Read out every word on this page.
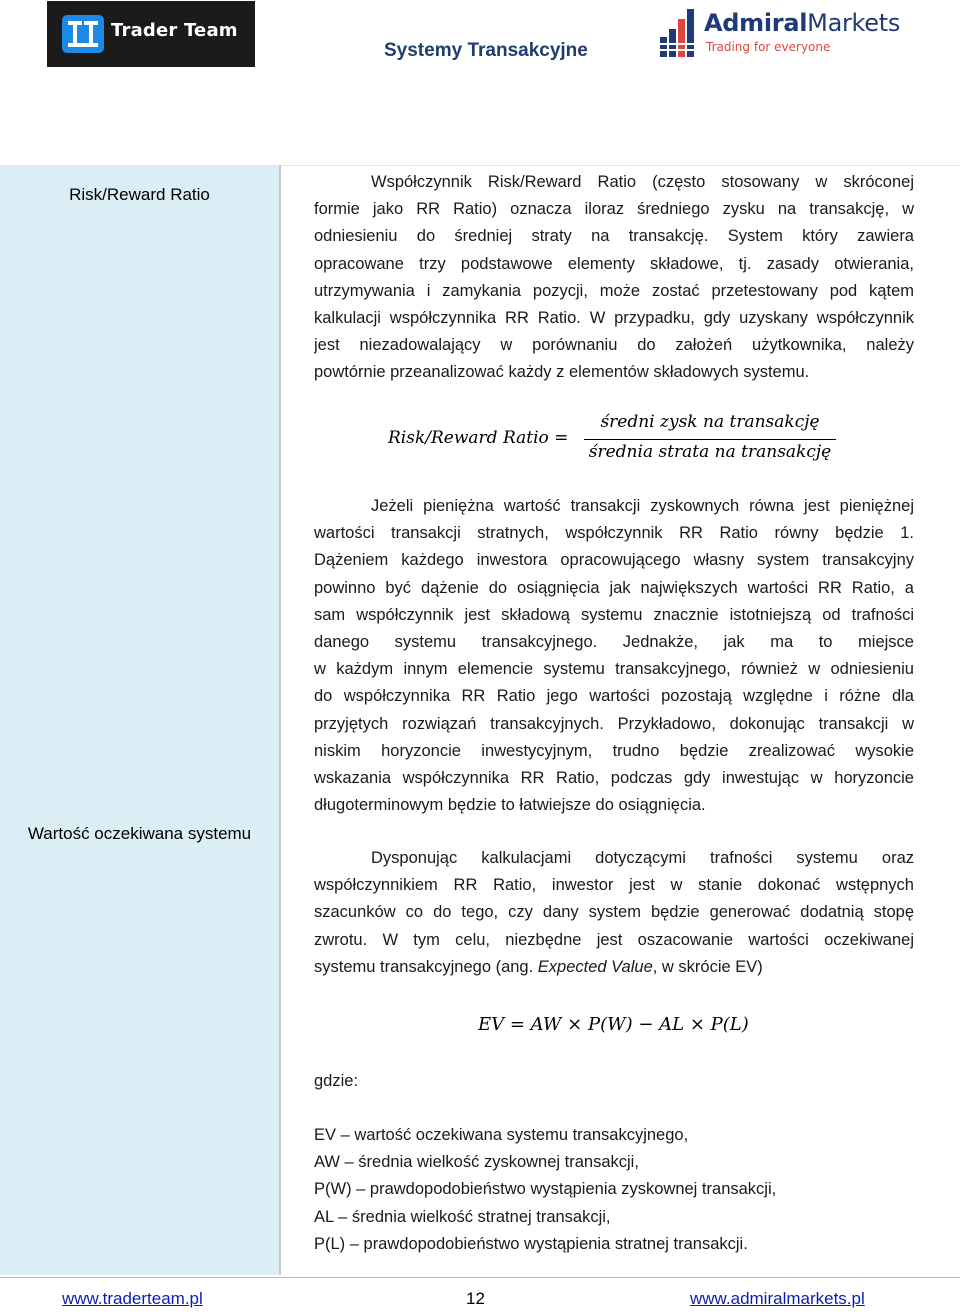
Trader Team
Systemy Transakcyjne
AdmiralMarkets
Trading for everyone
Risk/Reward Ratio
Wartość oczekiwana systemu
Współczynnik Risk/Reward Ratio (często stosowany w skróconej
formie jako RR Ratio) oznacza iloraz średniego zysku na transakcję, w
odniesieniu do średniej straty na transakcję. System który zawiera
opracowane trzy podstawowe elementy składowe, tj. zasady otwierania,
utrzymywania i zamykania pozycji, może zostać przetestowany pod kątem
kalkulacji współczynnika RR Ratio. W przypadku, gdy uzyskany współczynnik
jest niezadowalający w porównaniu do założeń użytkownika, należy
powtórnie przeanalizować każdy z elementów składowych systemu.
Risk/Reward Ratio =
średni zysk na transakcję
średnia strata na transakcję
Jeżeli pieniężna wartość transakcji zyskownych równa jest pieniężnej
wartości transakcji stratnych, współczynnik RR Ratio równy będzie 1.
Dążeniem każdego inwestora opracowującego własny system transakcyjny
powinno być dążenie do osiągnięcia jak największych wartości RR Ratio, a
sam współczynnik jest składową systemu znacznie istotniejszą od trafności
danego systemu transakcyjnego. Jednakże, jak ma to miejsce
w każdym innym elemencie systemu transakcyjnego, również w odniesieniu
do współczynnika RR Ratio jego wartości pozostają względne i różne dla
przyjętych rozwiązań transakcyjnych. Przykładowo, dokonując transakcji w
niskim horyzoncie inwestycyjnym, trudno będzie zrealizować wysokie
wskazania współczynnika RR Ratio, podczas gdy inwestując w horyzoncie
długoterminowym będzie to łatwiejsze do osiągnięcia.
Dysponując kalkulacjami dotyczącymi trafności systemu oraz
współczynnikiem RR Ratio, inwestor jest w stanie dokonać wstępnych
szacunków co do tego, czy dany system będzie generować dodatnią stopę
zwrotu. W tym celu, niezbędne jest oszacowanie wartości oczekiwanej
systemu transakcyjnego (ang. Expected Value, w skrócie EV)
EV = AW × P(W) − AL × P(L)
gdzie:
EV – wartość oczekiwana systemu transakcyjnego,
AW – średnia wielkość zyskownej transakcji,
P(W) – prawdopodobieństwo wystąpienia zyskownej transakcji,
AL – średnia wielkość stratnej transakcji,
P(L) – prawdopodobieństwo wystąpienia stratnej transakcji.
www.traderteam.pl	12	www.admiralmarkets.pl
